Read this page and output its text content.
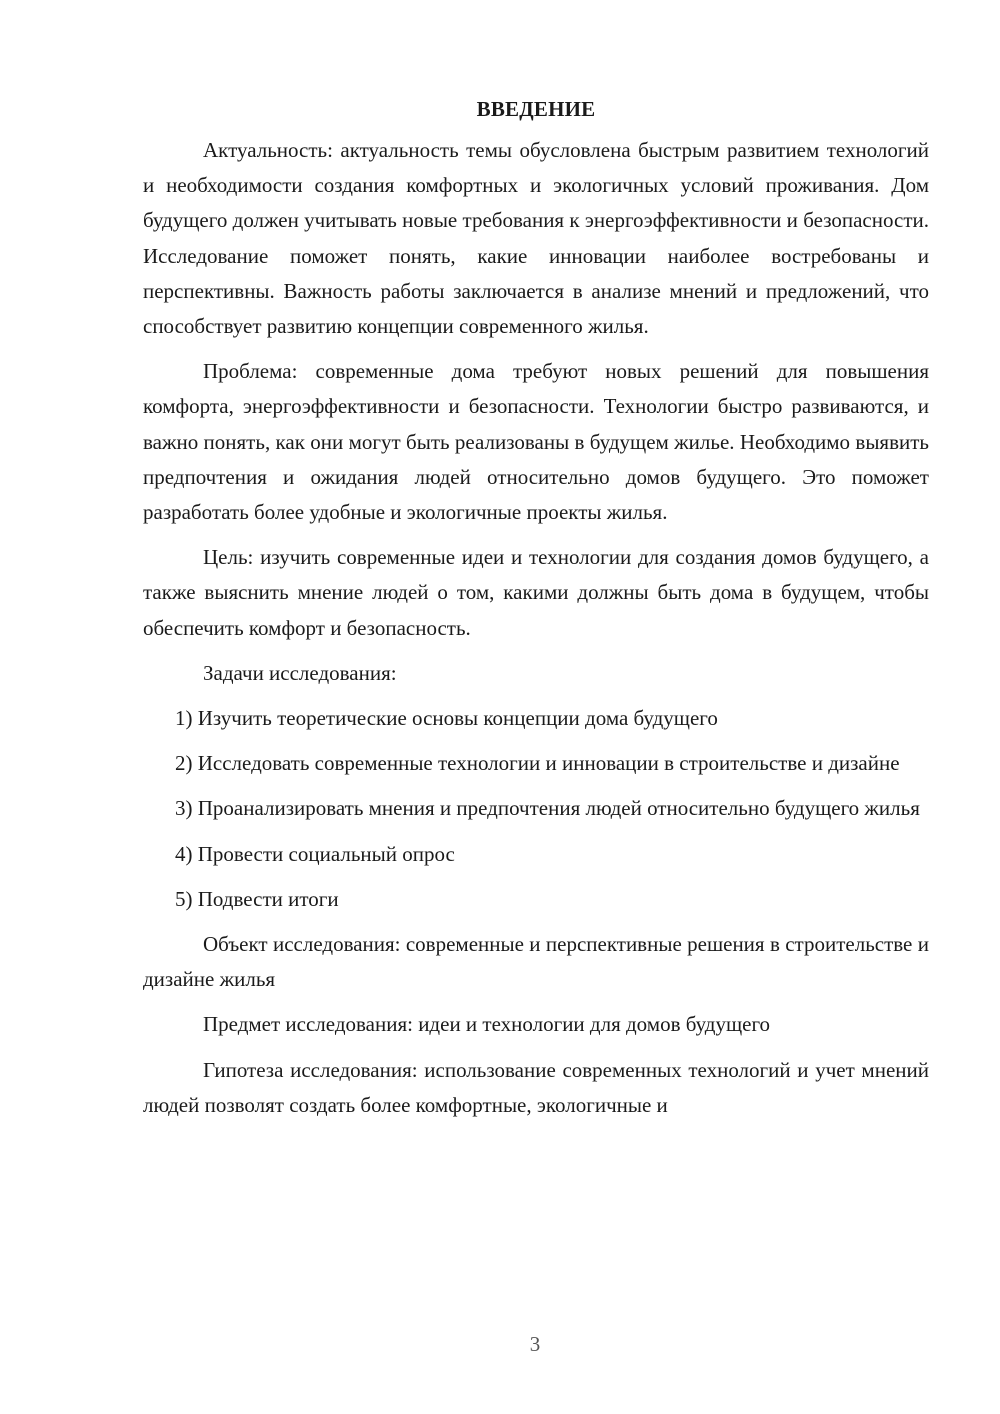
ВВЕДЕНИЕ

Актуальность: актуальность темы обусловлена быстрым развитием технологий и необходимости создания комфортных и экологичных условий проживания. Дом будущего должен учитывать новые требования к энергоэффективности и безопасности. Исследование поможет понять, какие инновации наиболее востребованы и перспективны. Важность работы заключается в анализе мнений и предложений, что способствует развитию концепции современного жилья.

Проблема: современные дома требуют новых решений для повышения комфорта, энергоэффективности и безопасности. Технологии быстро развиваются, и важно понять, как они могут быть реализованы в будущем жилье. Необходимо выявить предпочтения и ожидания людей относительно домов будущего. Это поможет разработать более удобные и экологичные проекты жилья.

Цель: изучить современные идеи и технологии для создания домов будущего, а также выяснить мнение людей о том, какими должны быть дома в будущем, чтобы обеспечить комфорт и безопасность.

Задачи исследования:

1) Изучить теоретические основы концепции дома будущего

2) Исследовать современные технологии и инновации в строительстве и дизайне

3) Проанализировать мнения и предпочтения людей относительно будущего жилья

4) Провести социальный опрос

5) Подвести итоги

Объект исследования: современные и перспективные решения в строительстве и дизайне жилья

Предмет исследования: идеи и технологии для домов будущего

Гипотеза исследования: использование современных технологий и учет мнений людей позволят создать более комфортные, экологичные и

3
